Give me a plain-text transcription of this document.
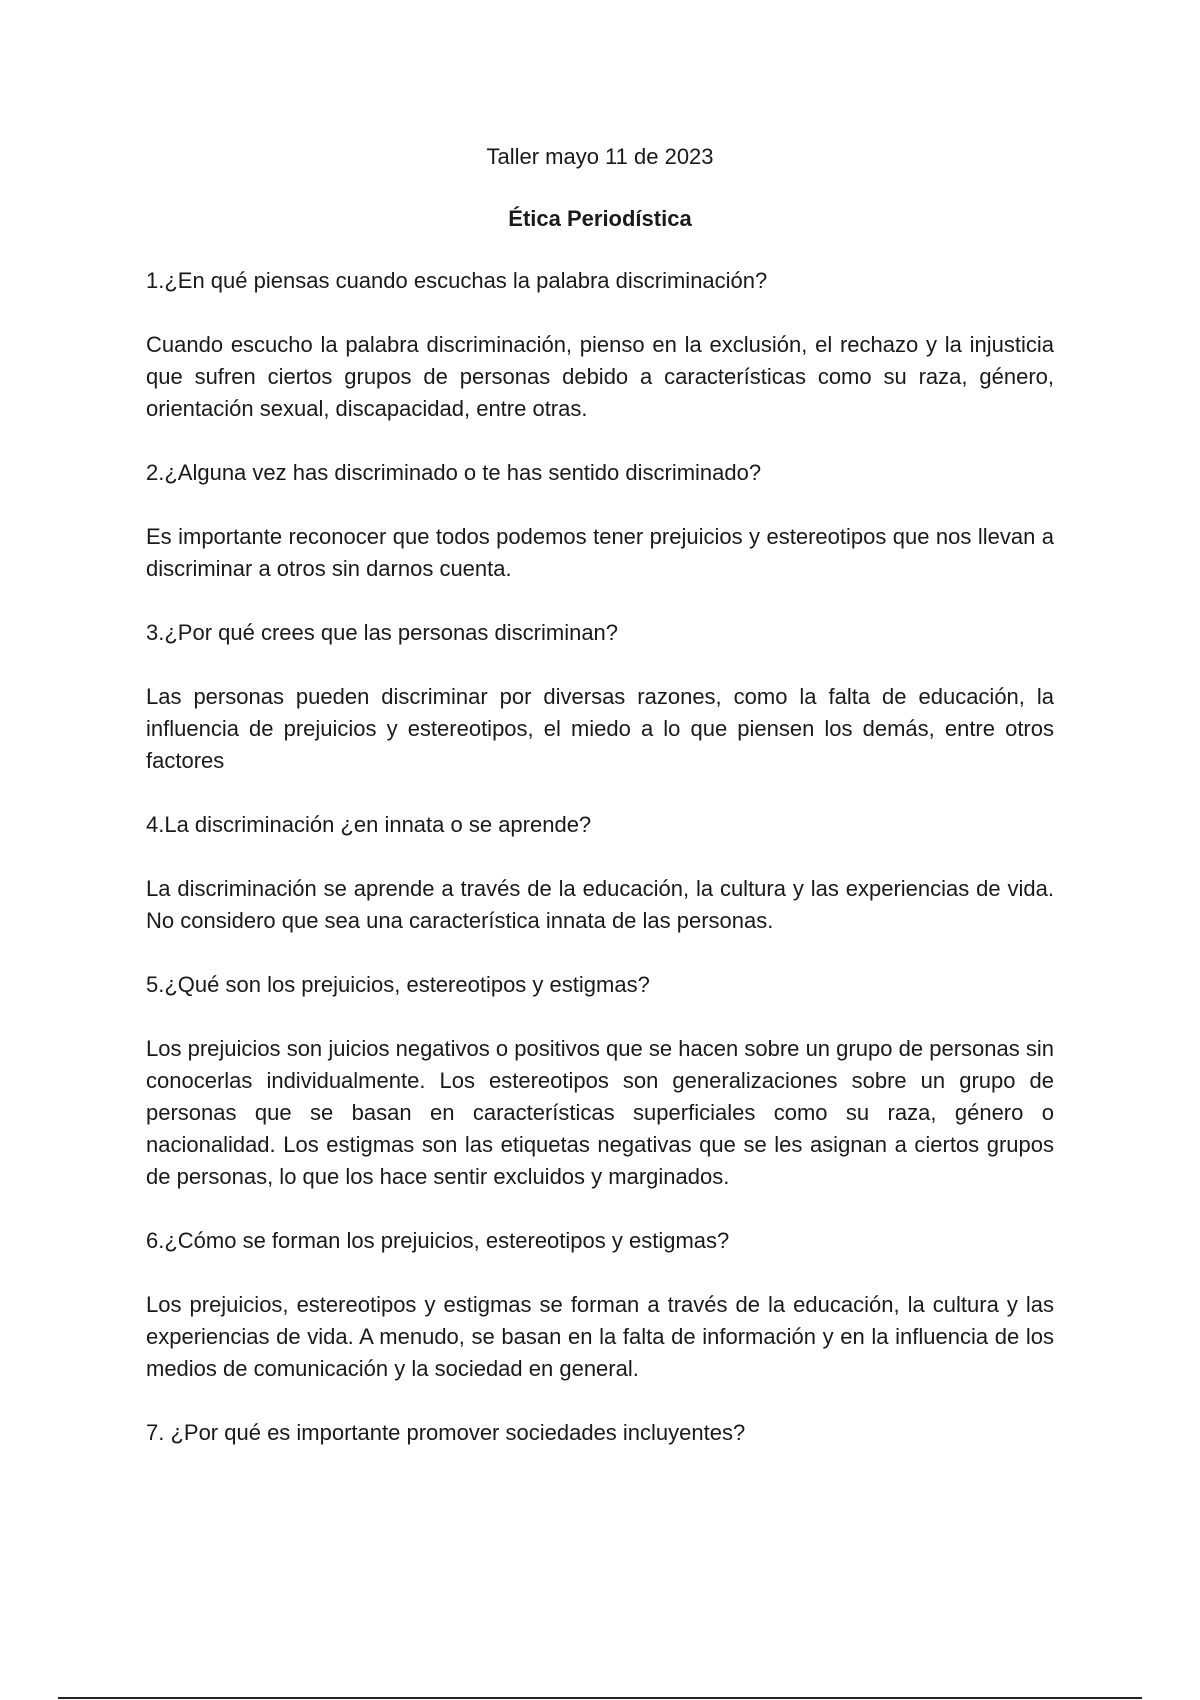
Taller mayo 11 de 2023

Ética Periodística

1.¿En qué piensas cuando escuchas la palabra discriminación?

Cuando escucho la palabra discriminación, pienso en la exclusión, el rechazo y la injusticia que sufren ciertos grupos de personas debido a características como su raza, género, orientación sexual, discapacidad, entre otras.

2.¿Alguna vez has discriminado o te has sentido discriminado?

Es importante reconocer que todos podemos tener prejuicios y estereotipos que nos llevan a discriminar a otros sin darnos cuenta.

3.¿Por qué crees que las personas discriminan?

Las personas pueden discriminar por diversas razones, como la falta de educación, la influencia de prejuicios y estereotipos, el miedo a lo que piensen los demás, entre otros factores

4.La discriminación ¿en innata o se aprende?

La discriminación se aprende a través de la educación, la cultura y las experiencias de vida. No considero que sea una característica innata de las personas.

5.¿Qué son los prejuicios, estereotipos y estigmas?

Los prejuicios son juicios negativos o positivos que se hacen sobre un grupo de personas sin conocerlas individualmente. Los estereotipos son generalizaciones sobre un grupo de personas que se basan en características superficiales como su raza, género o nacionalidad. Los estigmas son las etiquetas negativas que se les asignan a ciertos grupos de personas, lo que los hace sentir excluidos y marginados.

6.¿Cómo se forman los prejuicios, estereotipos y estigmas?

Los prejuicios, estereotipos y estigmas se forman a través de la educación, la cultura y las experiencias de vida. A menudo, se basan en la falta de información y en la influencia de los medios de comunicación y la sociedad en general.

7. ¿Por qué es importante promover sociedades incluyentes?
